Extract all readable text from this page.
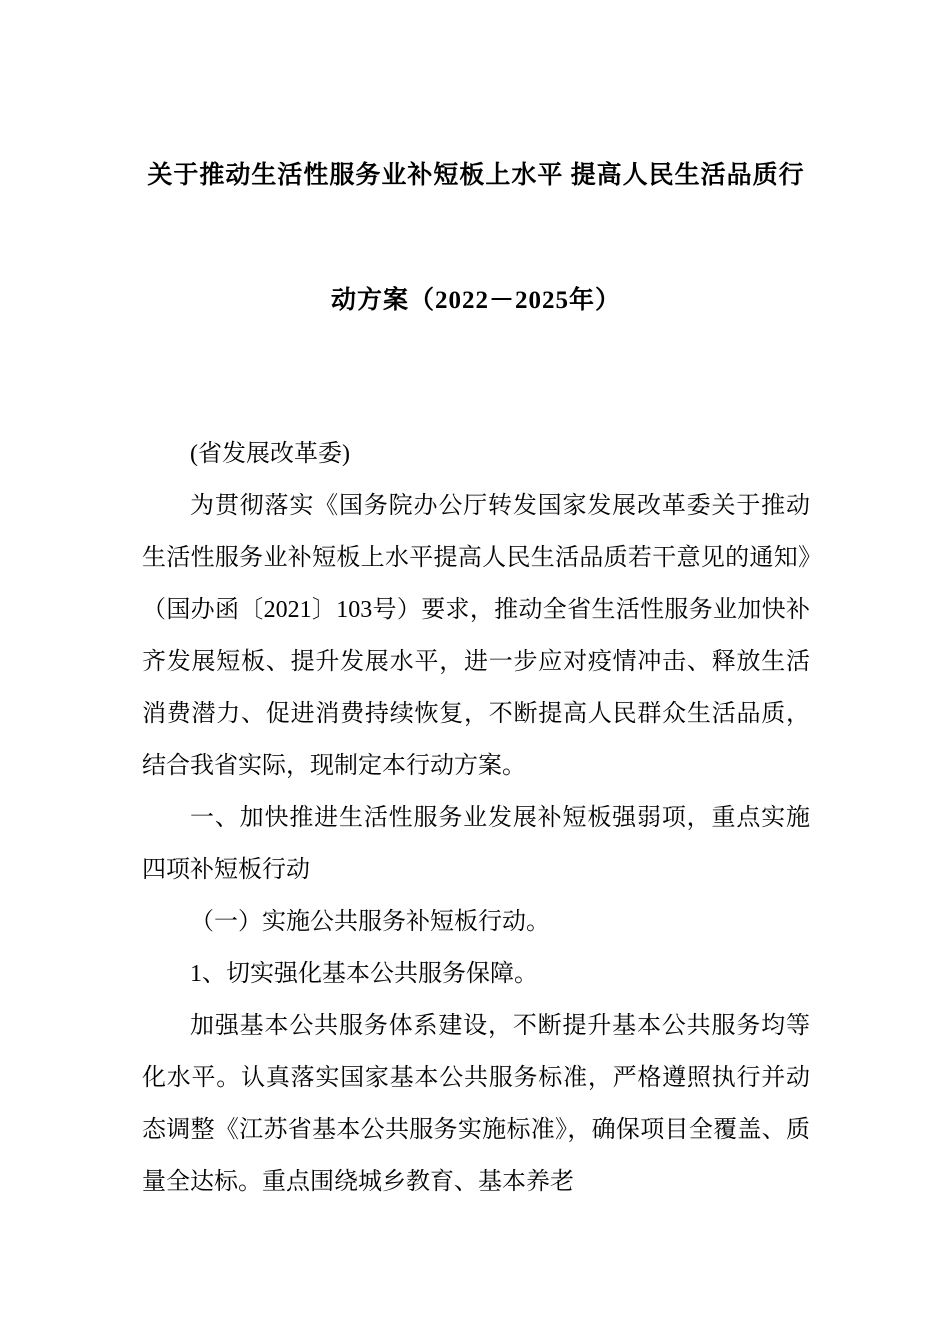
关于推动生活性服务业补短板上水平 提高人民生活品质行
动方案（2022－2025年）

(省发展改革委)

为贯彻落实《国务院办公厅转发国家发展改革委关于推动生活性服务业补短板上水平提高人民生活品质若干意见的通知》（国办函〔2021〕103号）要求，推动全省生活性服务业加快补齐发展短板、提升发展水平，进一步应对疫情冲击、释放生活消费潜力、促进消费持续恢复，不断提高人民群众生活品质，结合我省实际，现制定本行动方案。

一、加快推进生活性服务业发展补短板强弱项，重点实施四项补短板行动

（一）实施公共服务补短板行动。

1、切实强化基本公共服务保障。

加强基本公共服务体系建设，不断提升基本公共服务均等化水平。认真落实国家基本公共服务标准，严格遵照执行并动态调整《江苏省基本公共服务实施标准》，确保项目全覆盖、质量全达标。重点围绕城乡教育、基本养老
